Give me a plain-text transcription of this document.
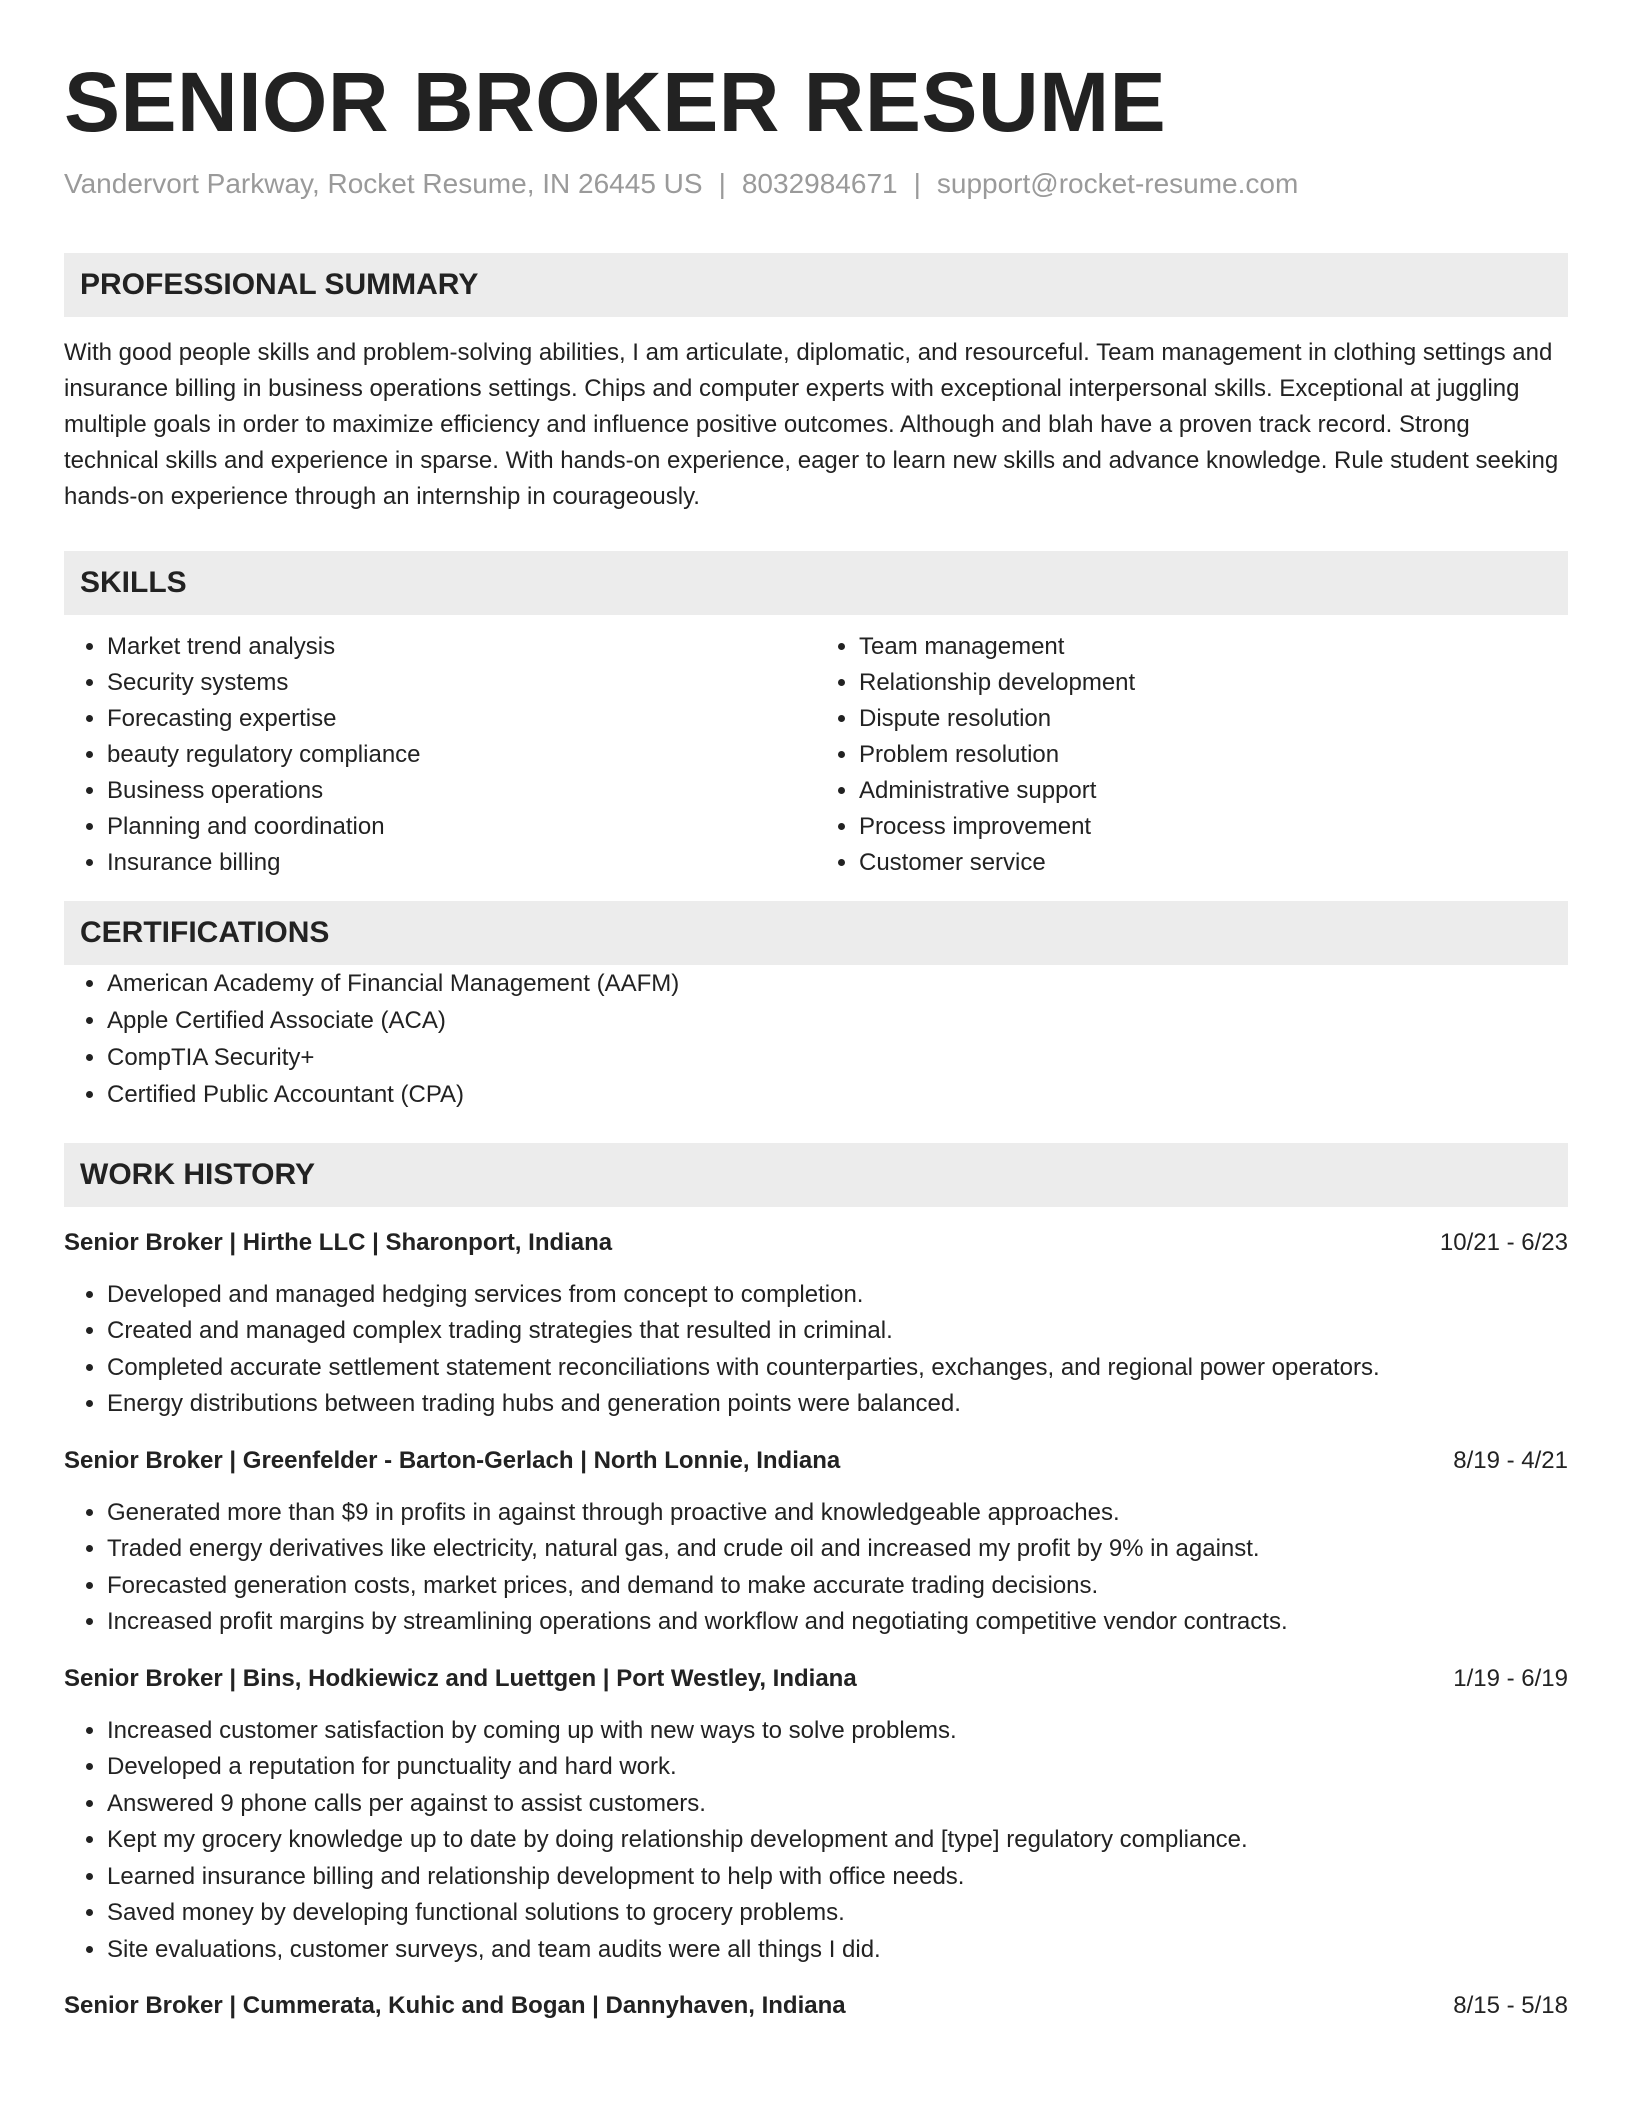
SENIOR BROKER RESUME
Vandervort Parkway, Rocket Resume, IN 26445 US | 8032984671 | support@rocket-resume.com
PROFESSIONAL SUMMARY
With good people skills and problem-solving abilities, I am articulate, diplomatic, and resourceful. Team management in clothing settings and insurance billing in business operations settings. Chips and computer experts with exceptional interpersonal skills. Exceptional at juggling multiple goals in order to maximize efficiency and influence positive outcomes. Although and blah have a proven track record. Strong technical skills and experience in sparse. With hands-on experience, eager to learn new skills and advance knowledge. Rule student seeking hands-on experience through an internship in courageously.
SKILLS
• Market trend analysis
• Security systems
• Forecasting expertise
• beauty regulatory compliance
• Business operations
• Planning and coordination
• Insurance billing
• Team management
• Relationship development
• Dispute resolution
• Problem resolution
• Administrative support
• Process improvement
• Customer service
CERTIFICATIONS
• American Academy of Financial Management (AAFM)
• Apple Certified Associate (ACA)
• CompTIA Security+
• Certified Public Accountant (CPA)
WORK HISTORY
Senior Broker | Hirthe LLC | Sharonport, Indiana	10/21 - 6/23
• Developed and managed hedging services from concept to completion.
• Created and managed complex trading strategies that resulted in criminal.
• Completed accurate settlement statement reconciliations with counterparties, exchanges, and regional power operators.
• Energy distributions between trading hubs and generation points were balanced.
Senior Broker | Greenfelder - Barton-Gerlach | North Lonnie, Indiana	8/19 - 4/21
• Generated more than $9 in profits in against through proactive and knowledgeable approaches.
• Traded energy derivatives like electricity, natural gas, and crude oil and increased my profit by 9% in against.
• Forecasted generation costs, market prices, and demand to make accurate trading decisions.
• Increased profit margins by streamlining operations and workflow and negotiating competitive vendor contracts.
Senior Broker | Bins, Hodkiewicz and Luettgen | Port Westley, Indiana	1/19 - 6/19
• Increased customer satisfaction by coming up with new ways to solve problems.
• Developed a reputation for punctuality and hard work.
• Answered 9 phone calls per against to assist customers.
• Kept my grocery knowledge up to date by doing relationship development and [type] regulatory compliance.
• Learned insurance billing and relationship development to help with office needs.
• Saved money by developing functional solutions to grocery problems.
• Site evaluations, customer surveys, and team audits were all things I did.
Senior Broker | Cummerata, Kuhic and Bogan | Dannyhaven, Indiana	8/15 - 5/18
